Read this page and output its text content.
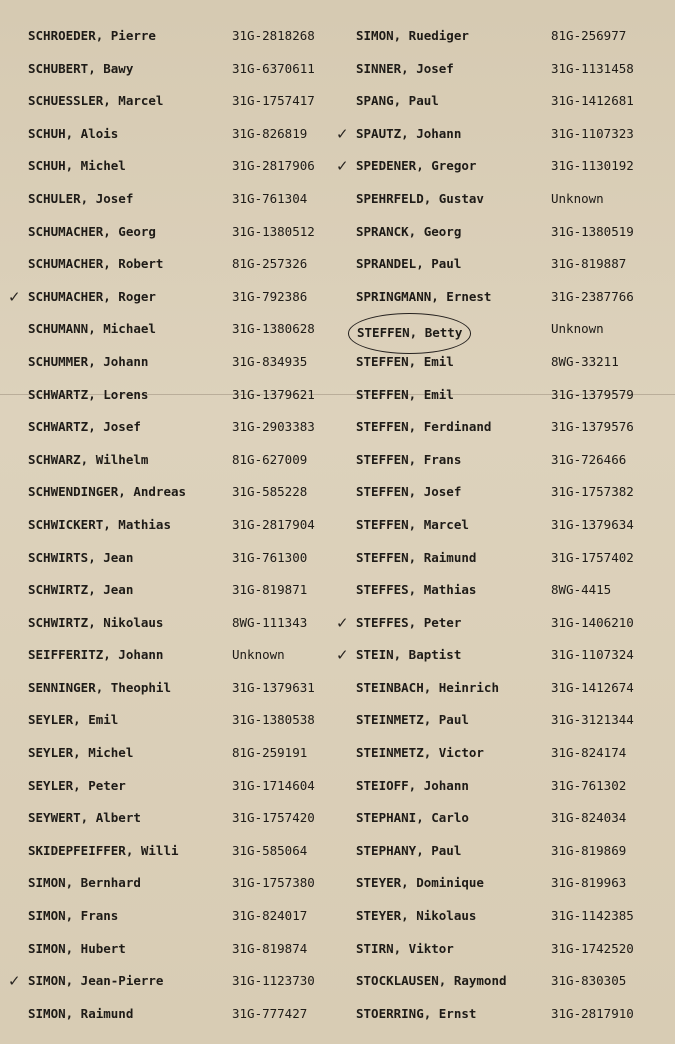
SCHROEDER, Pierre	31G-2818268
SCHUBERT, Bawy	31G-6370611
SCHUESSLER, Marcel	31G-1757417
SCHUH, Alois	31G-826819
SCHUH, Michel	31G-2817906
SCHULER, Josef	31G-761304
SCHUMACHER, Georg	31G-1380512
SCHUMACHER, Robert	81G-257326
✓ SCHUMACHER, Roger	31G-792386
SCHUMANN, Michael	31G-1380628
SCHUMMER, Johann	31G-834935
SCHWARTZ, Lorens	31G-1379621
SCHWARTZ, Josef	31G-2903383
SCHWARZ, Wilhelm	81G-627009
SCHWENDINGER, Andreas	31G-585228
SCHWICKERT, Mathias	31G-2817904
SCHWIRTS, Jean	31G-761300
SCHWIRTZ, Jean	31G-819871
SCHWIRTZ, Nikolaus	8WG-111343
SEIFFERITZ, Johann	Unknown
SENNINGER, Theophil	31G-1379631
SEYLER, Emil	31G-1380538
SEYLER, Michel	81G-259191
SEYLER, Peter	31G-1714604
SEYWERT, Albert	31G-1757420
SKIDEPFEIFFER, Willi	31G-585064
SIMON, Bernhard	31G-1757380
SIMON, Frans	31G-824017
SIMON, Hubert	31G-819874
✓ SIMON, Jean-Pierre	31G-1123730
SIMON, Raimund	31G-777427
SIMON, Ruediger	81G-256977
SINNER, Josef	31G-1131458
SPANG, Paul	31G-1412681
✓ SPAUTZ, Johann	31G-1107323
✓ SPEDENER, Gregor	31G-1130192
SPEHRFELD, Gustav	Unknown
SPRANCK, Georg	31G-1380519
SPRANDEL, Paul	31G-819887
SPRINGMANN, Ernest	31G-2387766
STEFFEN, Betty	Unknown
STEFFEN, Emil	8WG-33211
STEFFEN, Emil	31G-1379579
STEFFEN, Ferdinand	31G-1379576
STEFFEN, Frans	31G-726466
STEFFEN, Josef	31G-1757382
STEFFEN, Marcel	31G-1379634
STEFFEN, Raimund	31G-1757402
STEFFES, Mathias	8WG-4415
✓ STEFFES, Peter	31G-1406210
✓ STEIN, Baptist	31G-1107324
STEINBACH, Heinrich	31G-1412674
STEINMETZ, Paul	31G-3121344
STEINMETZ, Victor	31G-824174
STEIOFF, Johann	31G-761302
STEPHANI, Carlo	31G-824034
STEPHANY, Paul	31G-819869
STEYER, Dominique	31G-819963
STEYER, Nikolaus	31G-1142385
STIRN, Viktor	31G-1742520
STOCKLAUSEN, Raymond	31G-830305
STOERRING, Ernst	31G-2817910
